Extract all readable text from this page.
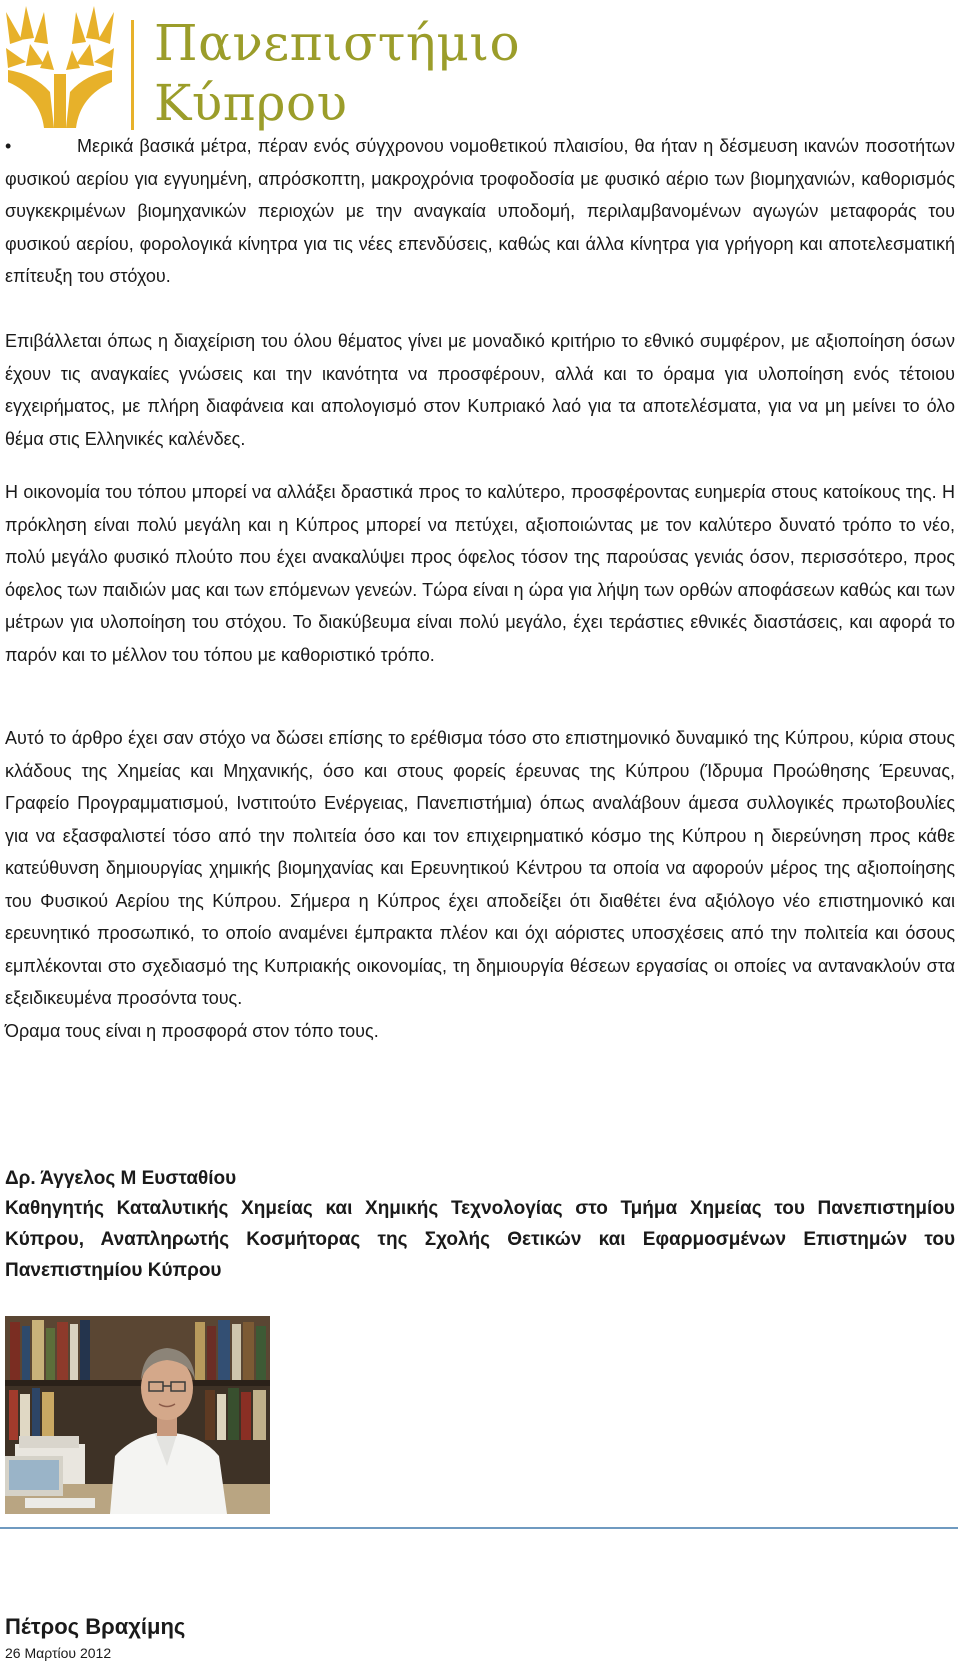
Πανεπιστήμιο
Κύπρου

•	Μερικά βασικά μέτρα, πέραν ενός σύγχρονου νομοθετικού πλαισίου, θα ήταν η δέσμευση ικανών ποσοτήτων φυσικού αερίου για εγγυημένη, απρόσκοπτη, μακροχρόνια τροφοδοσία με φυσικό αέριο των βιομηχανιών, καθορισμός συγκεκριμένων βιομηχανικών περιοχών με την αναγκαία υποδομή, περιλαμβανομένων αγωγών μεταφοράς του φυσικού αερίου, φορολογικά κίνητρα για τις νέες επενδύσεις, καθώς και άλλα κίνητρα για γρήγορη και αποτελεσματική επίτευξη του στόχου.

Επιβάλλεται όπως η διαχείριση του όλου θέματος γίνει με μοναδικό κριτήριο το εθνικό συμφέρον, με αξιοποίηση όσων έχουν τις αναγκαίες γνώσεις και την ικανότητα να προσφέρουν, αλλά και το όραμα για υλοποίηση ενός τέτοιου εγχειρήματος, με πλήρη διαφάνεια και απολογισμό στον Κυπριακό λαό για τα αποτελέσματα, για να μη μείνει το όλο θέμα στις Ελληνικές καλένδες.

Η οικονομία του τόπου μπορεί να αλλάξει δραστικά προς το καλύτερο, προσφέροντας ευημερία στους κατοίκους της. Η πρόκληση είναι πολύ μεγάλη και η Κύπρος μπορεί να πετύχει, αξιοποιώντας με τον καλύτερο δυνατό τρόπο το νέο, πολύ μεγάλο φυσικό πλούτο που έχει ανακαλύψει προς όφελος τόσον της παρούσας γενιάς όσον, περισσότερο, προς όφελος των παιδιών μας και των επόμενων γενεών. Τώρα είναι η ώρα για λήψη των ορθών αποφάσεων καθώς και των μέτρων για υλοποίηση του στόχου. Το διακύβευμα είναι πολύ μεγάλο, έχει τεράστιες εθνικές διαστάσεις, και αφορά το παρόν και το μέλλον του τόπου με καθοριστικό τρόπο.

Αυτό το άρθρο έχει σαν στόχο να δώσει επίσης το ερέθισμα τόσο στο επιστημονικό δυναμικό της Κύπρου, κύρια στους κλάδους της Χημείας και Μηχανικής, όσο και στους φορείς έρευνας της Κύπρου (Ίδρυμα Προώθησης Έρευνας, Γραφείο Προγραμματισμού, Ινστιτούτο Ενέργειας, Πανεπιστήμια) όπως αναλάβουν άμεσα συλλογικές πρωτοβουλίες για να εξασφαλιστεί τόσο από την πολιτεία όσο και τον επιχειρηματικό κόσμο της Κύπρου η διερεύνηση προς κάθε κατεύθυνση δημιουργίας χημικής βιομηχανίας και Ερευνητικού Κέντρου τα οποία να αφορούν μέρος της αξιοποίησης του Φυσικού Αερίου της Κύπρου. Σήμερα η Κύπρος έχει αποδείξει ότι διαθέτει ένα αξιόλογο νέο επιστημονικό και ερευνητικό προσωπικό, το οποίο αναμένει έμπρακτα πλέον και όχι αόριστες υποσχέσεις από την πολιτεία και όσους εμπλέκονται στο σχεδιασμό της Κυπριακής οικονομίας, τη δημιουργία θέσεων εργασίας οι οποίες να αντανακλούν στα εξειδικευμένα προσόντα τους.

Όραμα τους είναι η προσφορά στον τόπο τους.

Δρ. Άγγελος Μ Ευσταθίου

Καθηγητής Καταλυτικής Χημείας και Χημικής Τεχνολογίας στο Τμήμα Χημείας του Πανεπιστημίου Κύπρου, Αναπληρωτής Κοσμήτορας της Σχολής Θετικών και Εφαρμοσμένων Επιστημών του Πανεπιστημίου Κύπρου

Πέτρος Βραχίμης

26 Μαρτίου 2012
